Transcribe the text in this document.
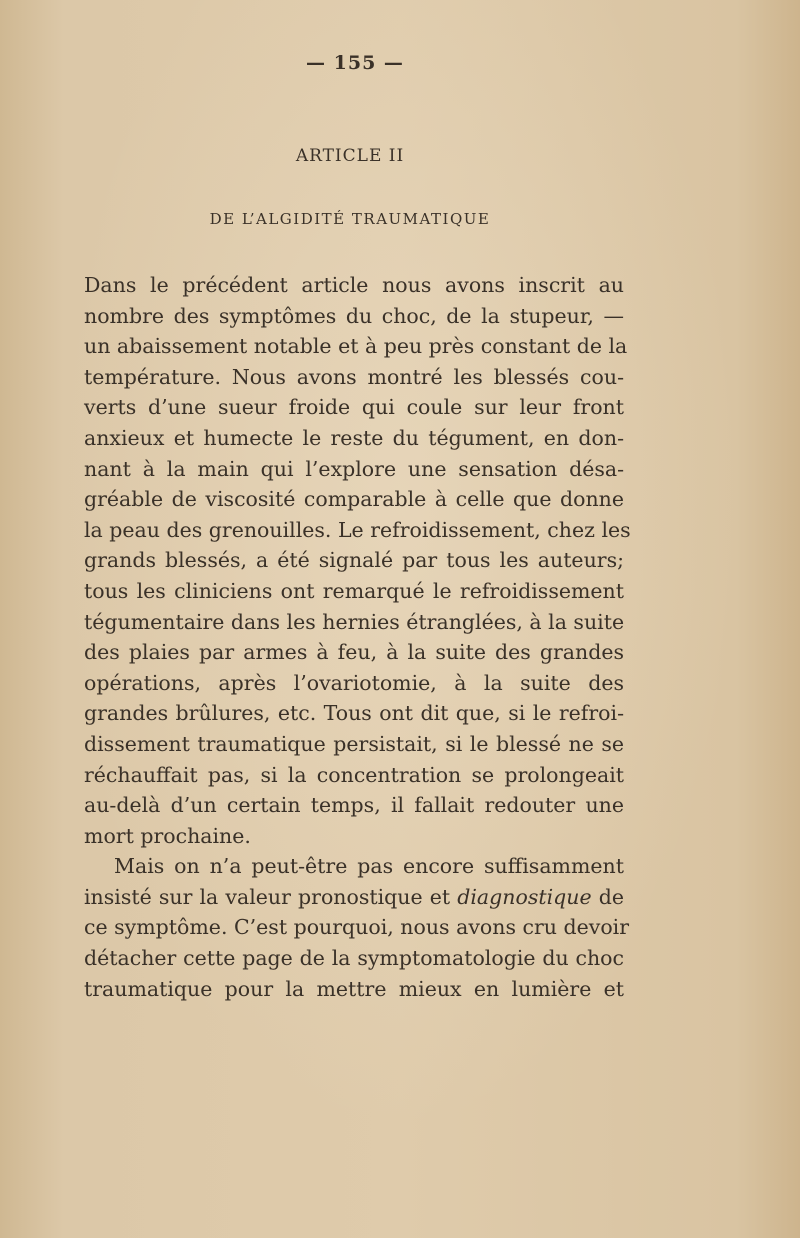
— 155 —
ARTICLE II
DE L’ALGIDITÉ TRAUMATIQUE
Dans le précédent article nous avons inscrit au
nombre des symptômes du choc, de la stupeur, —
un abaissement notable et à peu près constant de la
température. Nous avons montré les blessés cou-
verts d’une sueur froide qui coule sur leur front
anxieux et humecte le reste du tégument, en don-
nant à la main qui l’explore une sensation désa-
gréable de viscosité comparable à celle que donne
la peau des grenouilles. Le refroidissement, chez les
grands blessés, a été signalé par tous les auteurs;
tous les cliniciens ont remarqué le refroidissement
tégumentaire dans les hernies étranglées, à la suite
des plaies par armes à feu, à la suite des grandes
opérations, après l’ovariotomie, à la suite des
grandes brûlures, etc. Tous ont dit que, si le refroi-
dissement traumatique persistait, si le blessé ne se
réchauffait pas, si la concentration se prolongeait
au-delà d’un certain temps, il fallait redouter une
mort prochaine.
Mais on n’a peut-être pas encore suffisamment
insisté sur la valeur pronostique et diagnostique de
ce symptôme. C’est pourquoi, nous avons cru devoir
détacher cette page de la symptomatologie du choc
traumatique pour la mettre mieux en lumière et
